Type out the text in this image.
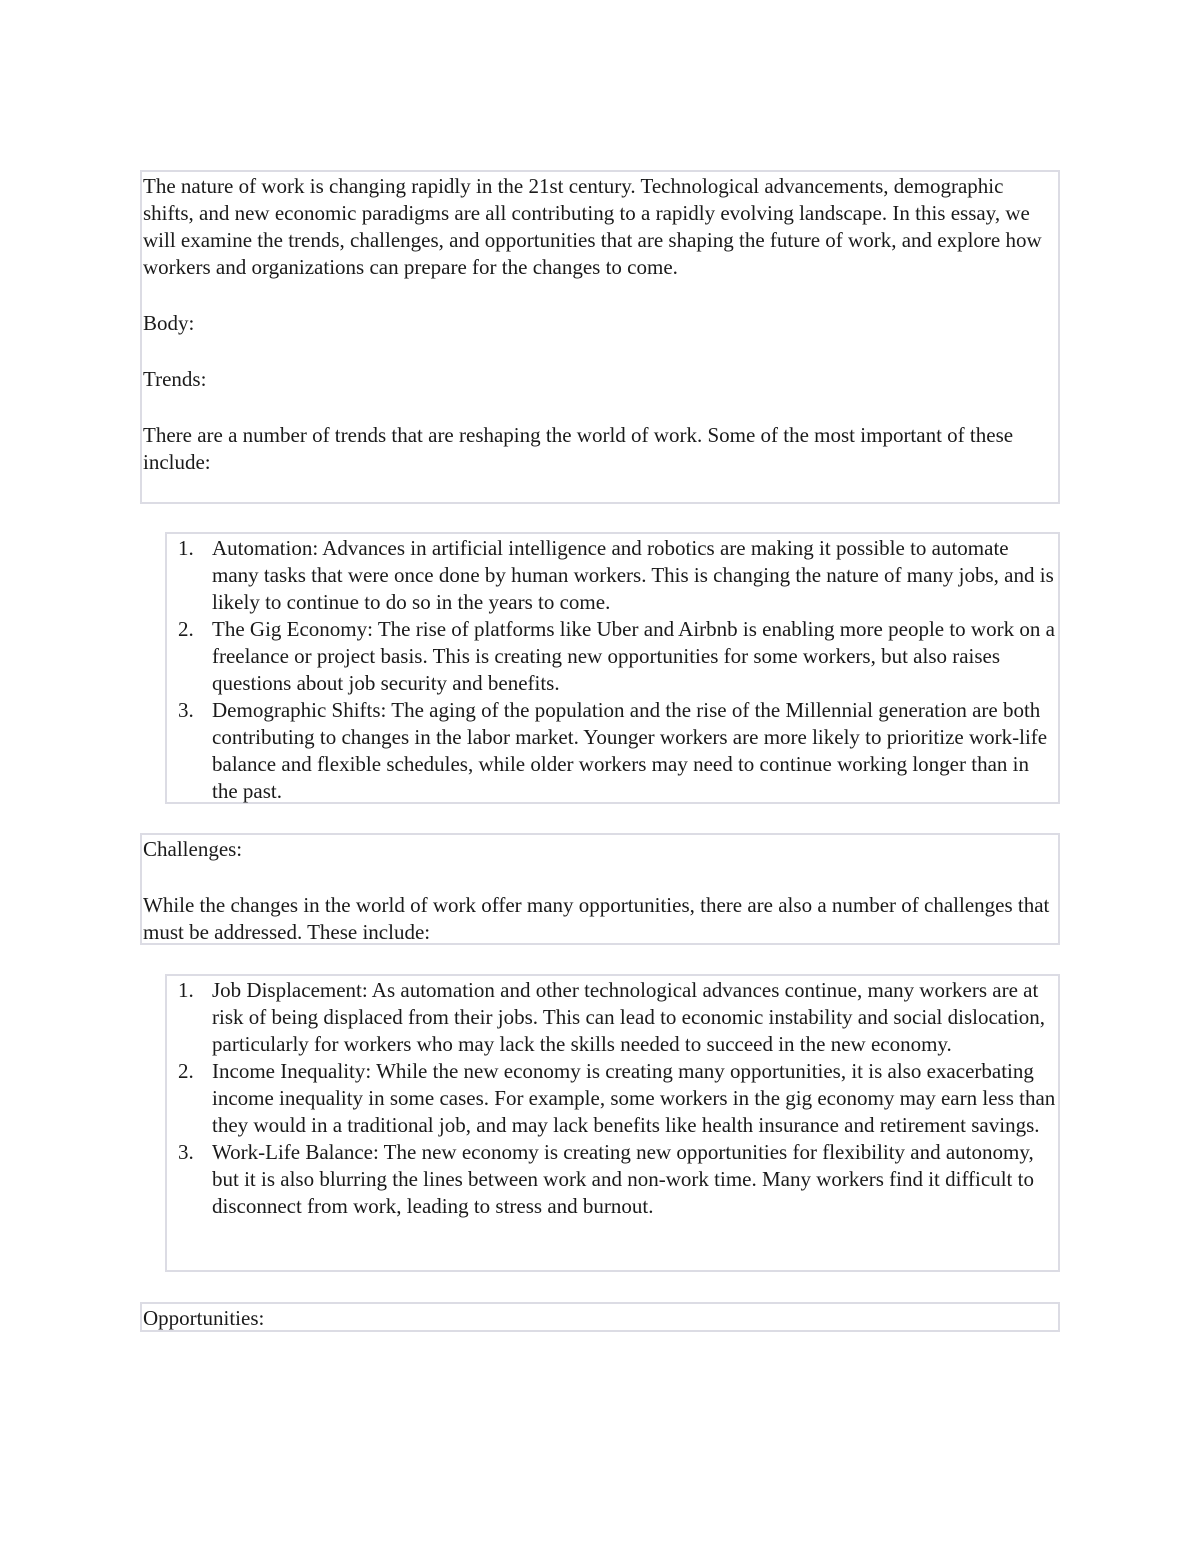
The nature of work is changing rapidly in the 21st century. Technological advancements, demographic shifts, and new economic paradigms are all contributing to a rapidly evolving landscape. In this essay, we will examine the trends, challenges, and opportunities that are shaping the future of work, and explore how workers and organizations can prepare for the changes to come.

Body:

Trends:

There are a number of trends that are reshaping the world of work. Some of the most important of these include:

1. Automation: Advances in artificial intelligence and robotics are making it possible to automate many tasks that were once done by human workers. This is changing the nature of many jobs, and is likely to continue to do so in the years to come.
2. The Gig Economy: The rise of platforms like Uber and Airbnb is enabling more people to work on a freelance or project basis. This is creating new opportunities for some workers, but also raises questions about job security and benefits.
3. Demographic Shifts: The aging of the population and the rise of the Millennial generation are both contributing to changes in the labor market. Younger workers are more likely to prioritize work-life balance and flexible schedules, while older workers may need to continue working longer than in the past.

Challenges:

While the changes in the world of work offer many opportunities, there are also a number of challenges that must be addressed. These include:

1. Job Displacement: As automation and other technological advances continue, many workers are at risk of being displaced from their jobs. This can lead to economic instability and social dislocation, particularly for workers who may lack the skills needed to succeed in the new economy.
2. Income Inequality: While the new economy is creating many opportunities, it is also exacerbating income inequality in some cases. For example, some workers in the gig economy may earn less than they would in a traditional job, and may lack benefits like health insurance and retirement savings.
3. Work-Life Balance: The new economy is creating new opportunities for flexibility and autonomy, but it is also blurring the lines between work and non-work time. Many workers find it difficult to disconnect from work, leading to stress and burnout.

Opportunities:
